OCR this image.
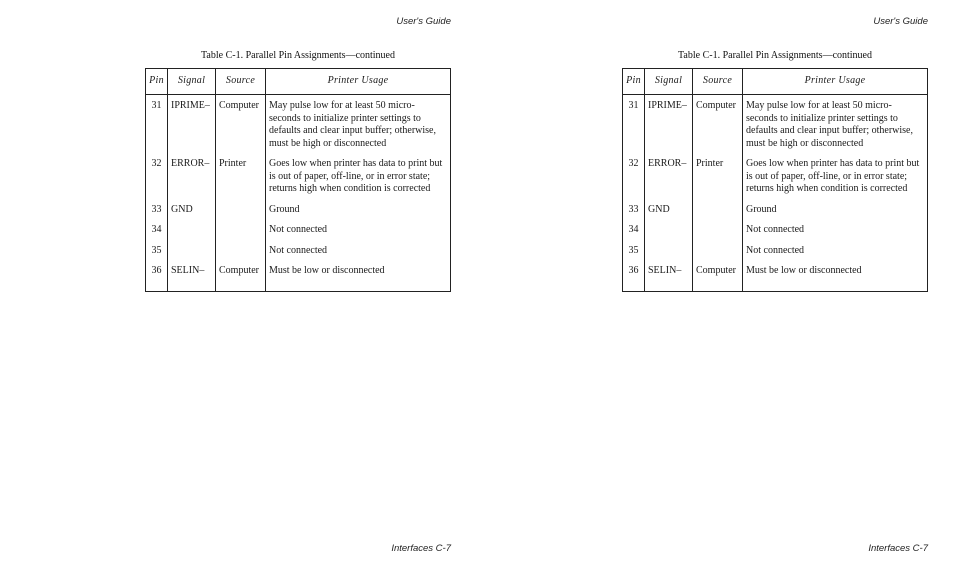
User's Guide
Table C-1. Parallel Pin Assignments—continued
Pin	Signal	Source	Printer Usage
31	IPRIME–	Computer	May pulse low for at least 50 micro-
seconds to initialize printer settings to
defaults and clear input buffer; otherwise,
must be high or disconnected

32	ERROR–	Printer	Goes low when printer has data to print but
is out of paper, off-line, or in error state;
returns high when condition is corrected

33	GND		Ground

34			Not connected

35			Not connected

36	SELIN–	Computer	Must be low or disconnected
Interfaces C-7
User's Guide
Table C-1. Parallel Pin Assignments—continued
Pin	Signal	Source	Printer Usage
31	IPRIME–	Computer	May pulse low for at least 50 micro-
seconds to initialize printer settings to
defaults and clear input buffer; otherwise,
must be high or disconnected

32	ERROR–	Printer	Goes low when printer has data to print but
is out of paper, off-line, or in error state;
returns high when condition is corrected

33	GND		Ground

34			Not connected

35			Not connected

36	SELIN–	Computer	Must be low or disconnected
Interfaces C-7
